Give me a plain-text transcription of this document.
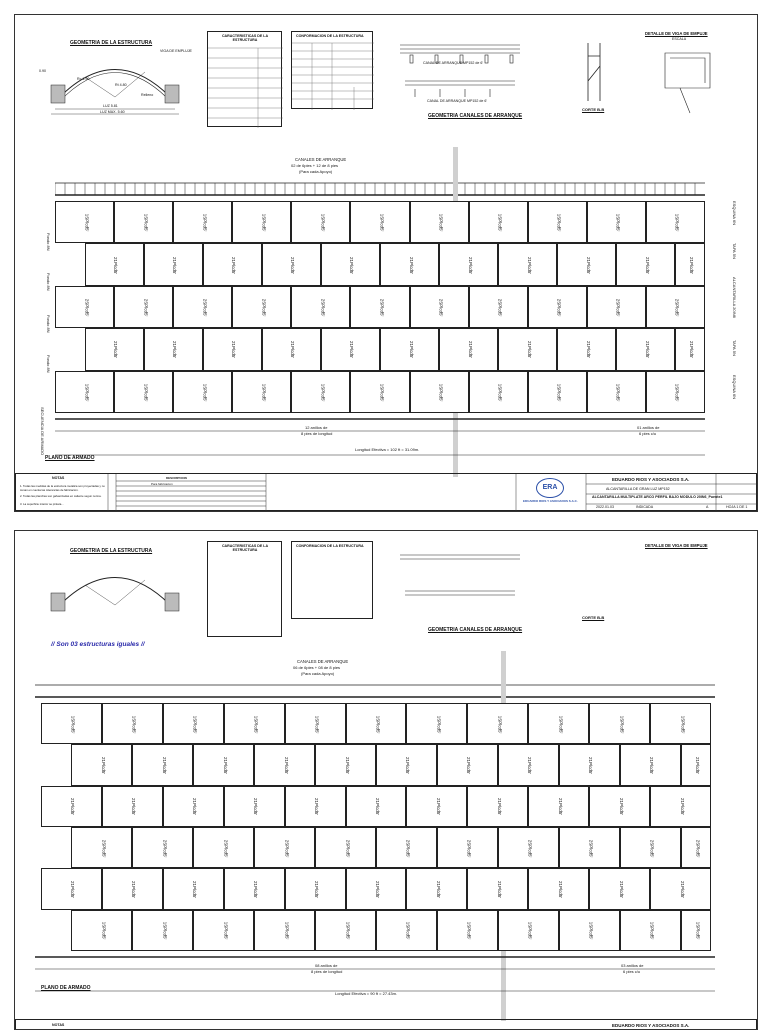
GEOMETRIA DE LA ESTRUCTURA
Rc 1.90
Rt 4.80
VIGA DE EMPLUJE
Relleno
LUZ 5.81
LUZ MAX. 5.60
0.90
CARACTERISTICAS DE LA ESTRUCTURA
CONFORMACION DE LA ESTRUCTURA
CANAL DE ARRANQUE MP152 de 6'
CANAL DE ARRANQUE MP152 de 6'
GEOMETRIA CANALES DE ARRANQUE
CORTE B-B
DETALLE DE VIGA DE EMPUJE
ESCALA
CANALES DE ARRANQUE
02 de 6pies + 12 de 8 pies
(Para cada Apoyo)
1SPlcd5'	1SPlcd5'	1SPlcd5'	1SPlcd5'	1SPlcd5'	1SPlcd5'	1SPlcd5'	1SPlcd5'	1SPlcd5'	1SPlcd5'	1SPlcd5'
21Plcd5'	21Plcd5'	21Plcd5'	21Plcd5'	21Plcd5'	21Plcd5'	21Plcd5'	21Plcd5'	21Plcd5'	21Plcd5'	21Plcd5'
2SPlcd5'	2SPlcd5'	2SPlcd5'	2SPlcd5'	2SPlcd5'	2SPlcd5'	2SPlcd5'	2SPlcd5'	2SPlcd5'	2SPlcd5'	2SPlcd5'
21Plcd5'	21Plcd5'	21Plcd5'	21Plcd5'	21Plcd5'	21Plcd5'	21Plcd5'	21Plcd5'	21Plcd5'	21Plcd5'	21Plcd5'
1SPlcd5'	1SPlcd5'	1SPlcd5'	1SPlcd5'	1SPlcd5'	1SPlcd5'	1SPlcd5'	1SPlcd5'	1SPlcd5'	1SPlcd5'	1SPlcd5'
ESQUINA 6N
TAPA 5N
ALCANTARILLA 20IN6
TAPA 5N
ESQUINA 6N
Fondo 8N
Fondo 8N
Fondo 8N
Fondo 8N
SECUENCIA DE ARMADO	12 anillos de
8 pies de longitud
01 anillos de
6 pies c/u
Longitud Efectiva = 102 ft = 31.09m.
PLANO DE ARMADO
NOTAS
1. Todas las medidas de la estructura metalica son proyectadas y no toman en cuenta las tolerancias de fabricacion.
2. Todas las planchas son galvanizadas en caliente segun norma.
3. La superficie interior se pintara...
DESCRIPCION
Para fabricacion	ERA
EDUARDO RIOS Y ASOCIADOS S.A.C.
EDUARDO RIOS Y ASOCIADOS S.A.
ALCANTARILLA DE GRAN LUZ MP152
ALCANTARILLA MULTIPLATE ARCO PERFIL BAJO MODULO 20IN6_Puente1
2022.01.03	INDICADA	A	HOJA 1 DE 1
GEOMETRIA DE LA ESTRUCTURA
CARACTERISTICAS DE LA ESTRUCTURA
CONFORMACION DE LA ESTRUCTURA
GEOMETRIA CANALES DE ARRANQUE
CORTE B-B
DETALLE DE VIGA DE EMPUJE
// Son 03 estructuras iguales //
CANALES DE ARRANQUE
06 de 6pies + 08 de 8 pies
(Para cada Apoyo)
1SPlcd5'	1SPlcd5'	1SPlcd5'	1SPlcd5'	1SPlcd5'	1SPlcd5'	1SPlcd5'	1SPlcd5'	1SPlcd5'	1SPlcd5'	1SPlcd5'
21Plcd5'	21Plcd5'	21Plcd5'	21Plcd5'	21Plcd5'	21Plcd5'	21Plcd5'	21Plcd5'	21Plcd5'	21Plcd5'	21Plcd5'
21Plcd5'	21Plcd5'	21Plcd5'	21Plcd5'	21Plcd5'	21Plcd5'	21Plcd5'	21Plcd5'	21Plcd5'	21Plcd5'	21Plcd5'
2SPlcd5'	2SPlcd5'	2SPlcd5'	2SPlcd5'	2SPlcd5'	2SPlcd5'	2SPlcd5'	2SPlcd5'	2SPlcd5'	2SPlcd5'	2SPlcd5'
21Plcd5'	21Plcd5'	21Plcd5'	21Plcd5'	21Plcd5'	21Plcd5'	21Plcd5'	21Plcd5'	21Plcd5'	21Plcd5'	21Plcd5'
1SPlcd5'	1SPlcd5'	1SPlcd5'	1SPlcd5'	1SPlcd5'	1SPlcd5'	1SPlcd5'	1SPlcd5'	1SPlcd5'	1SPlcd5'	1SPlcd5'
08 anillos de
8 pies de longitud
03 anillos de
6 pies c/u
PLANO DE ARMADO
Longitud Efectiva = 90 ft = 27.43m.
NOTAS	EDUARDO RIOS Y ASOCIADOS S.A.
